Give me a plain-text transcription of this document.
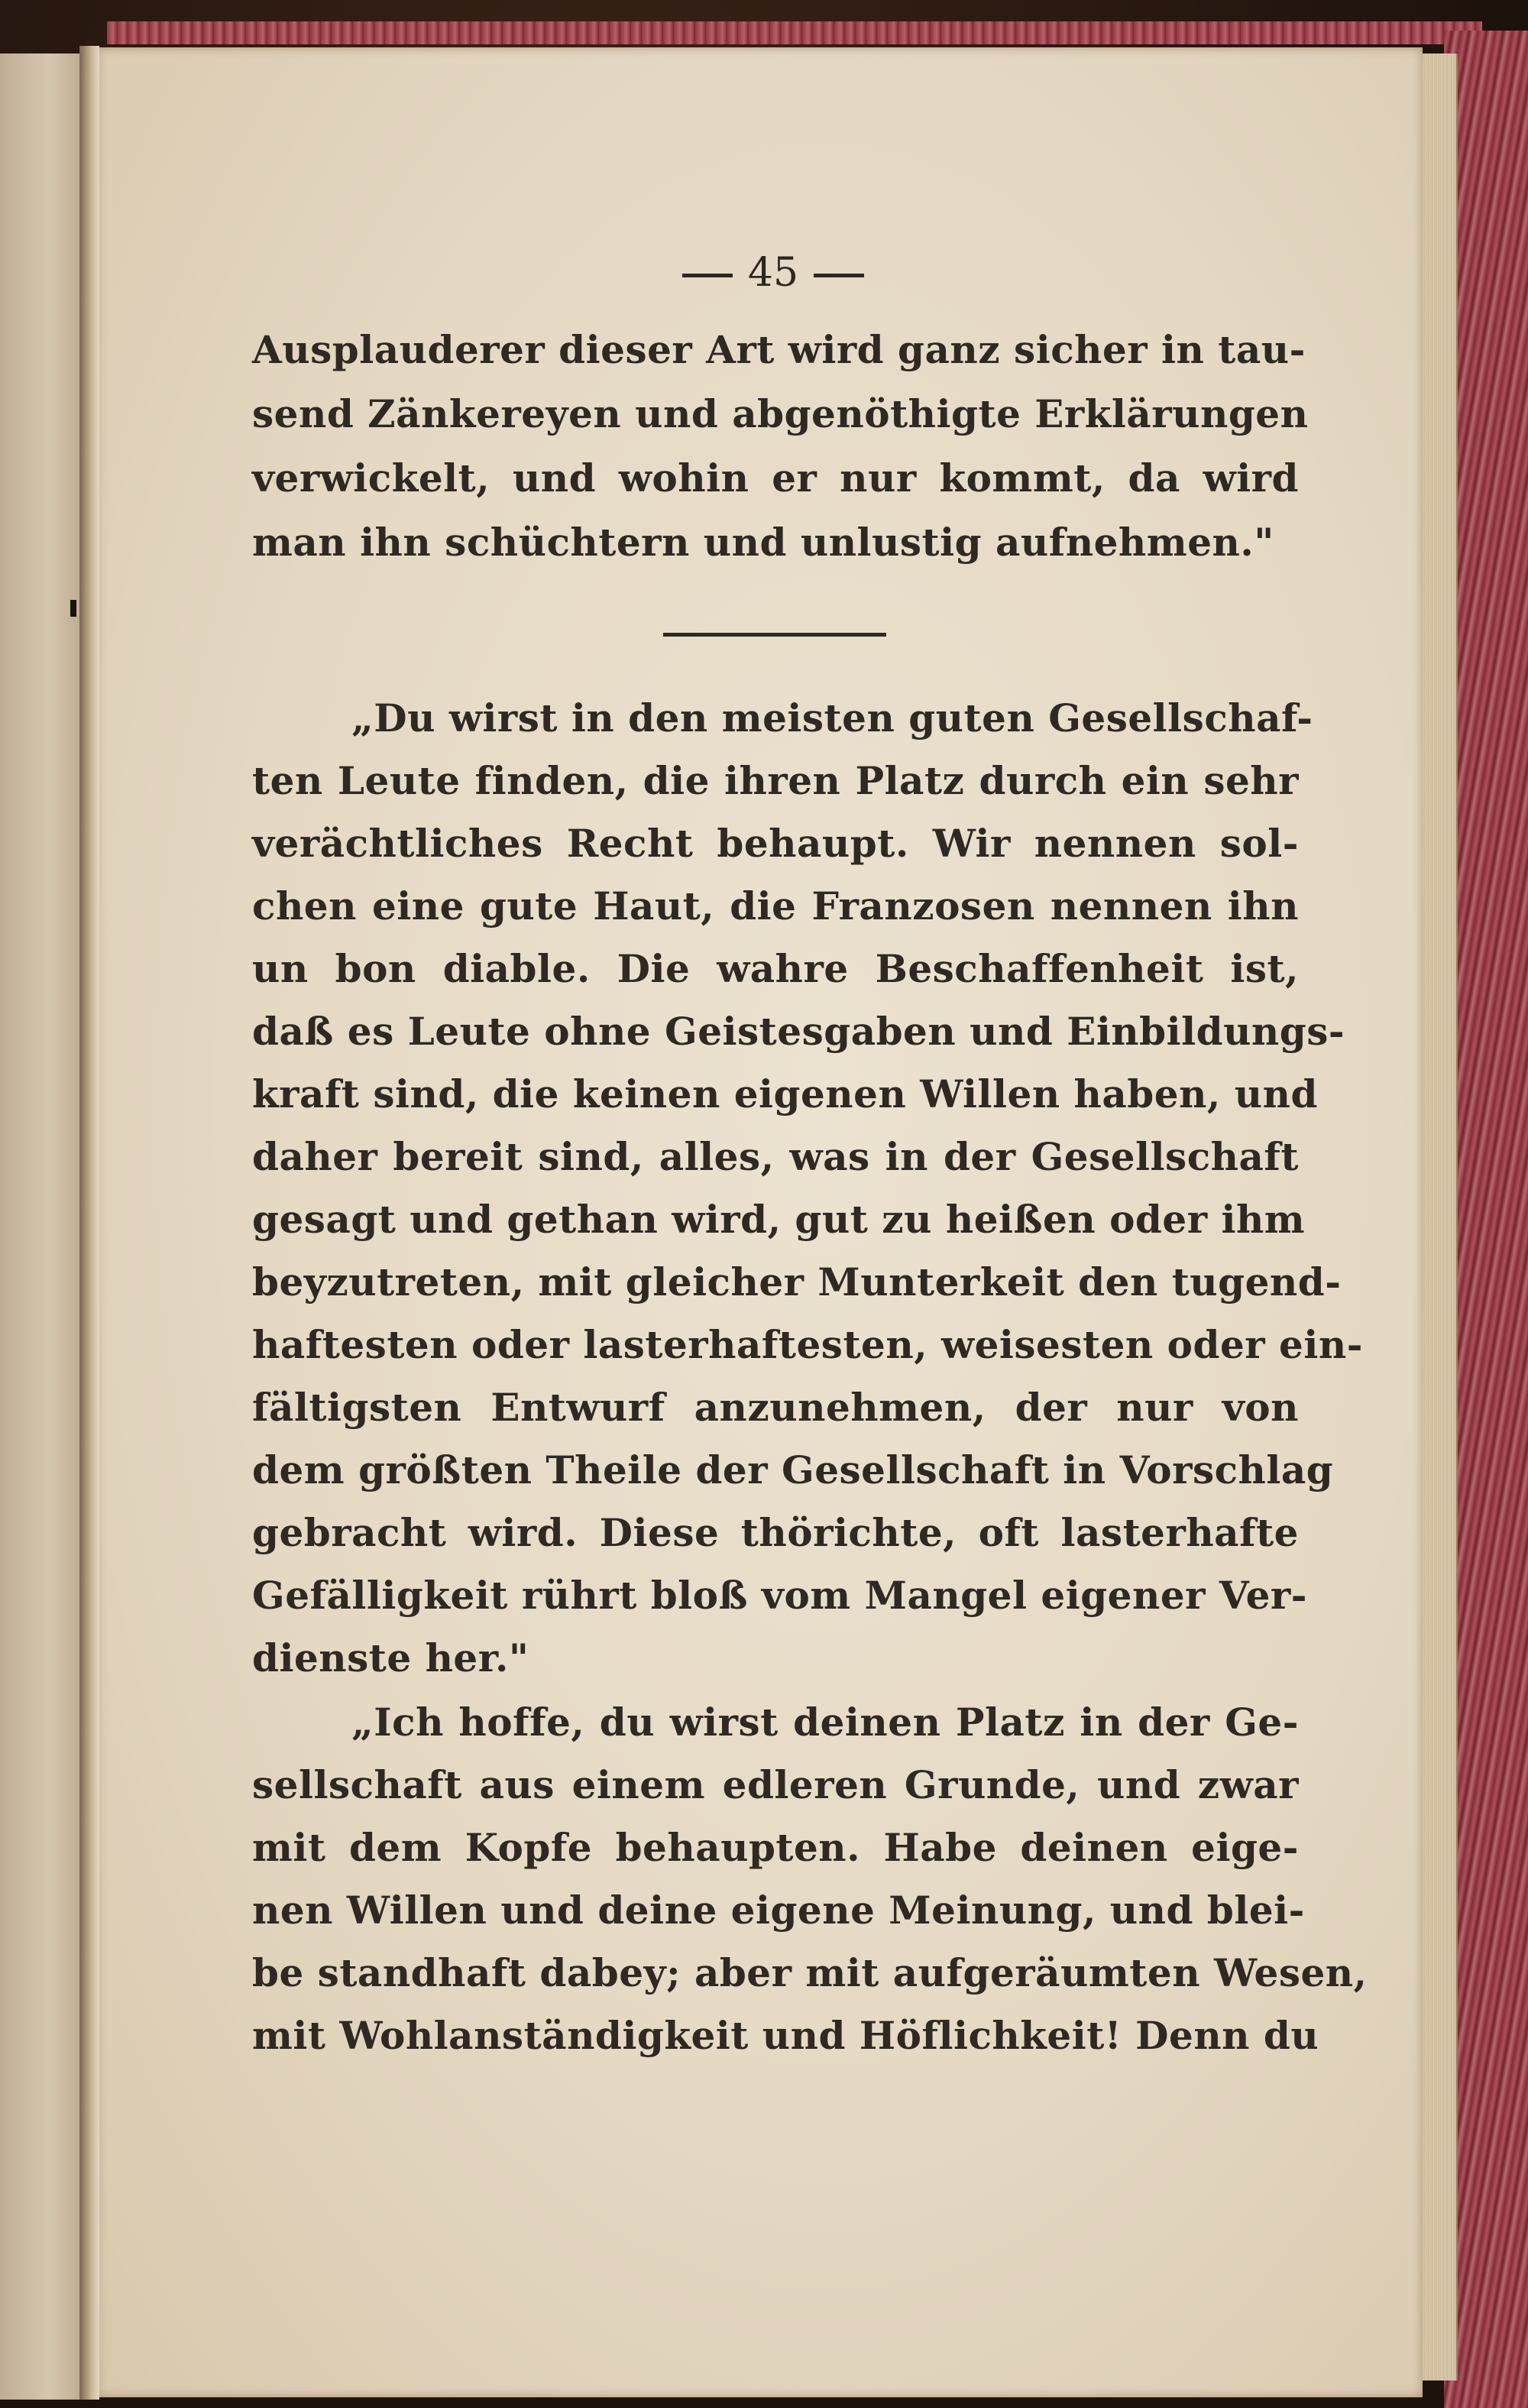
45
Ausplauderer dieser Art wird ganz sicher in tau-
send Zänkereyen und abgenöthigte Erklärungen
verwickelt, und wohin er nur kommt, da wird
man ihn schüchtern und unlustig aufnehmen."
„Du wirst in den meisten guten Gesellschaf-
ten Leute finden, die ihren Platz durch ein sehr
verächtliches Recht behaupt. Wir nennen sol-
chen eine gute Haut, die Franzosen nennen ihn
un bon diable. Die wahre Beschaffenheit ist,
daß es Leute ohne Geistesgaben und Einbildungs-
kraft sind, die keinen eigenen Willen haben, und
daher bereit sind, alles, was in der Gesellschaft
gesagt und gethan wird, gut zu heißen oder ihm
beyzutreten, mit gleicher Munterkeit den tugend-
haftesten oder lasterhaftesten, weisesten oder ein-
fältigsten Entwurf anzunehmen, der nur von
dem größten Theile der Gesellschaft in Vorschlag
gebracht wird. Diese thörichte, oft lasterhafte
Gefälligkeit rührt bloß vom Mangel eigener Ver-
dienste her."
„Ich hoffe, du wirst deinen Platz in der Ge-
sellschaft aus einem edleren Grunde, und zwar
mit dem Kopfe behaupten. Habe deinen eige-
nen Willen und deine eigene Meinung, und blei-
be standhaft dabey; aber mit aufgeräumten Wesen,
mit Wohlanständigkeit und Höflichkeit! Denn du
